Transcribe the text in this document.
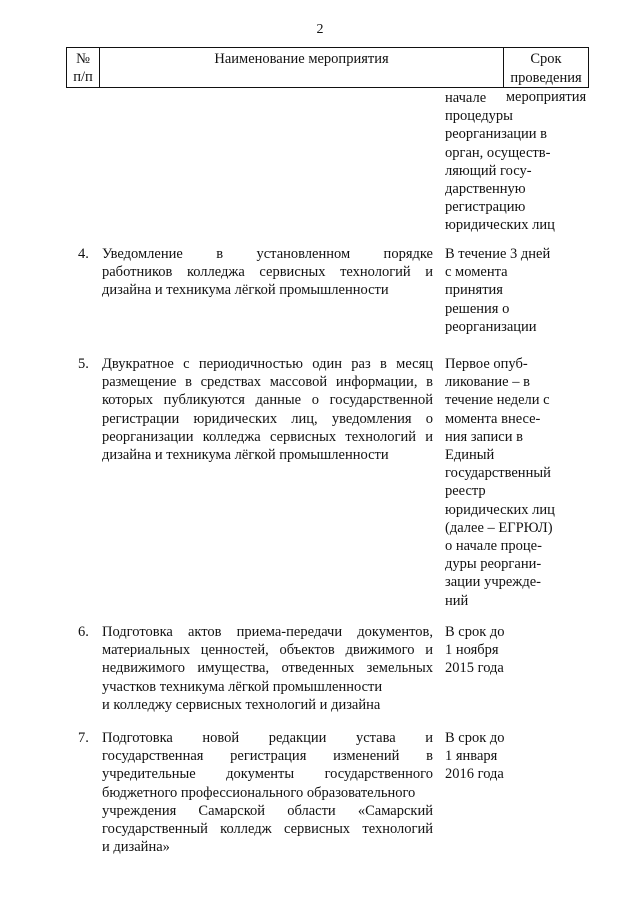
2
№
п/п
Наименование мероприятия	Срок проведения
мероприятия
начале
процедуры
реорганизации в
орган, осуществ-
ляющий госу-
дарственную
регистрацию
юридических лиц
4. Уведомление в установленном порядке
работников колледжа сервисных технологий и
дизайна и техникума лёгкой промышленности
В течение 3 дней
с момента
принятия
решения о
реорганизации
5. Двукратное с периодичностью один раз в месяц
размещение в средствах массовой информации, в
которых публикуются данные о государственной
регистрации юридических лиц, уведомления о
реорганизации колледжа сервисных технологий и
дизайна и техникума лёгкой промышленности
Первое опуб-
ликование – в
течение недели с
момента внесе-
ния записи в
Единый
государственный
реестр
юридических лиц
(далее – ЕГРЮЛ)
о начале проце-
дуры реоргани-
зации учрежде-
ний
6. Подготовка актов приема-передачи документов,
материальных ценностей, объектов движимого и
недвижимого имущества, отведенных земельных
участков техникума лёгкой промышленности
и колледжу сервисных технологий и дизайна
В срок до
1 ноября
2015 года
7. Подготовка новой редакции устава и
государственная регистрация изменений в
учредительные документы государственного
бюджетного профессионального образовательного
учреждения Самарской области «Самарский
государственный колледж сервисных технологий
и дизайна»
В срок до
1 января
2016 года
